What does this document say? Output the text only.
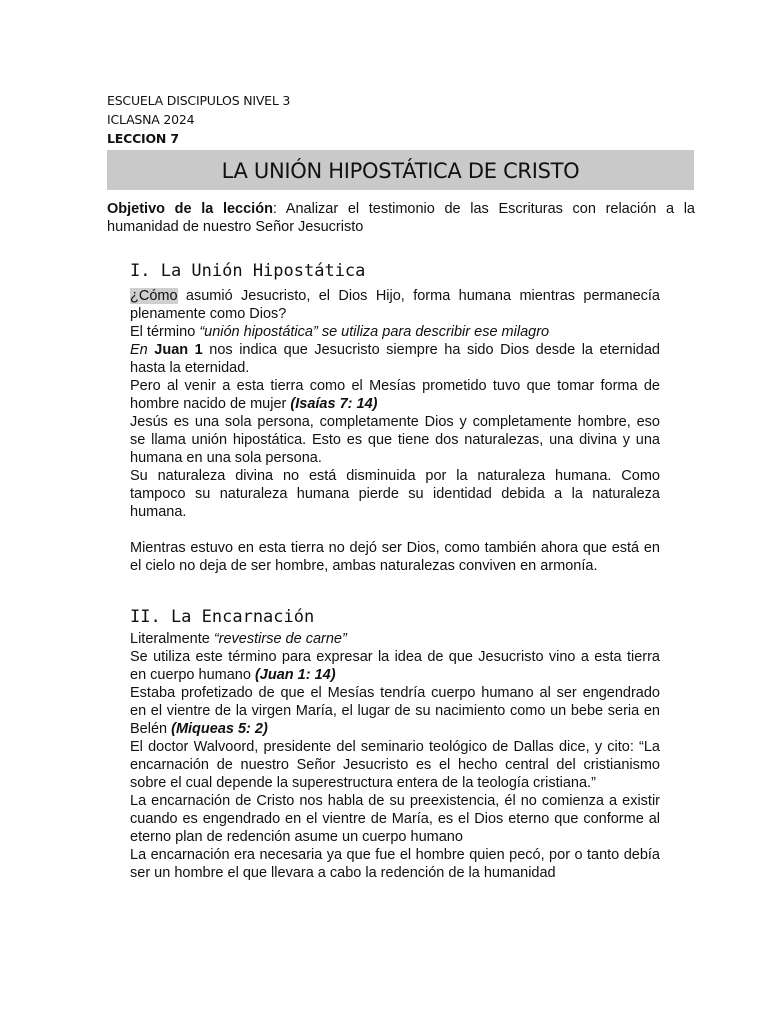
ESCUELA DISCIPULOS NIVEL 3
ICLASNA 2024
LECCION 7
LA UNIÓN HIPOSTÁTICA DE CRISTO
Objetivo de la lección: Analizar el testimonio de las Escrituras con relación a la humanidad de nuestro Señor Jesucristo
I. La Unión Hipostática

¿Cómo asumió Jesucristo, el Dios Hijo, forma humana mientras permanecía plenamente como Dios?

El término “unión hipostática” se utiliza para describir ese milagro

En Juan 1 nos indica que Jesucristo siempre ha sido Dios desde la eternidad hasta la eternidad.

Pero al venir a esta tierra como el Mesías prometido tuvo que tomar forma de hombre nacido de mujer (Isaías 7: 14)

Jesús es una sola persona, completamente Dios y completamente hombre, eso se llama unión hipostática. Esto es que tiene dos naturalezas, una divina y una humana en una sola persona.

Su naturaleza divina no está disminuida por la naturaleza humana. Como tampoco su naturaleza humana pierde su identidad debida a la naturaleza humana.

Mientras estuvo en esta tierra no dejó ser Dios, como también ahora que está en el cielo no deja de ser hombre, ambas naturalezas conviven en armonía.

II. La Encarnación

Literalmente “revestirse de carne”

Se utiliza este término para expresar la idea de que Jesucristo vino a esta tierra en cuerpo humano (Juan 1: 14)

Estaba profetizado de que el Mesías tendría cuerpo humano al ser engendrado en el vientre de la virgen María, el lugar de su nacimiento como un bebe seria en Belén (Miqueas 5: 2)

El doctor Walvoord, presidente del seminario teológico de Dallas dice, y cito: “La encarnación de nuestro Señor Jesucristo es el hecho central del cristianismo sobre el cual depende la superestructura entera de la teología cristiana.”

La encarnación de Cristo nos habla de su preexistencia, él no comienza a existir cuando es engendrado en el vientre de María, es el Dios eterno que conforme al eterno plan de redención asume un cuerpo humano

La encarnación era necesaria ya que fue el hombre quien pecó, por o tanto debía ser un hombre el que llevara a cabo la redención de la humanidad
